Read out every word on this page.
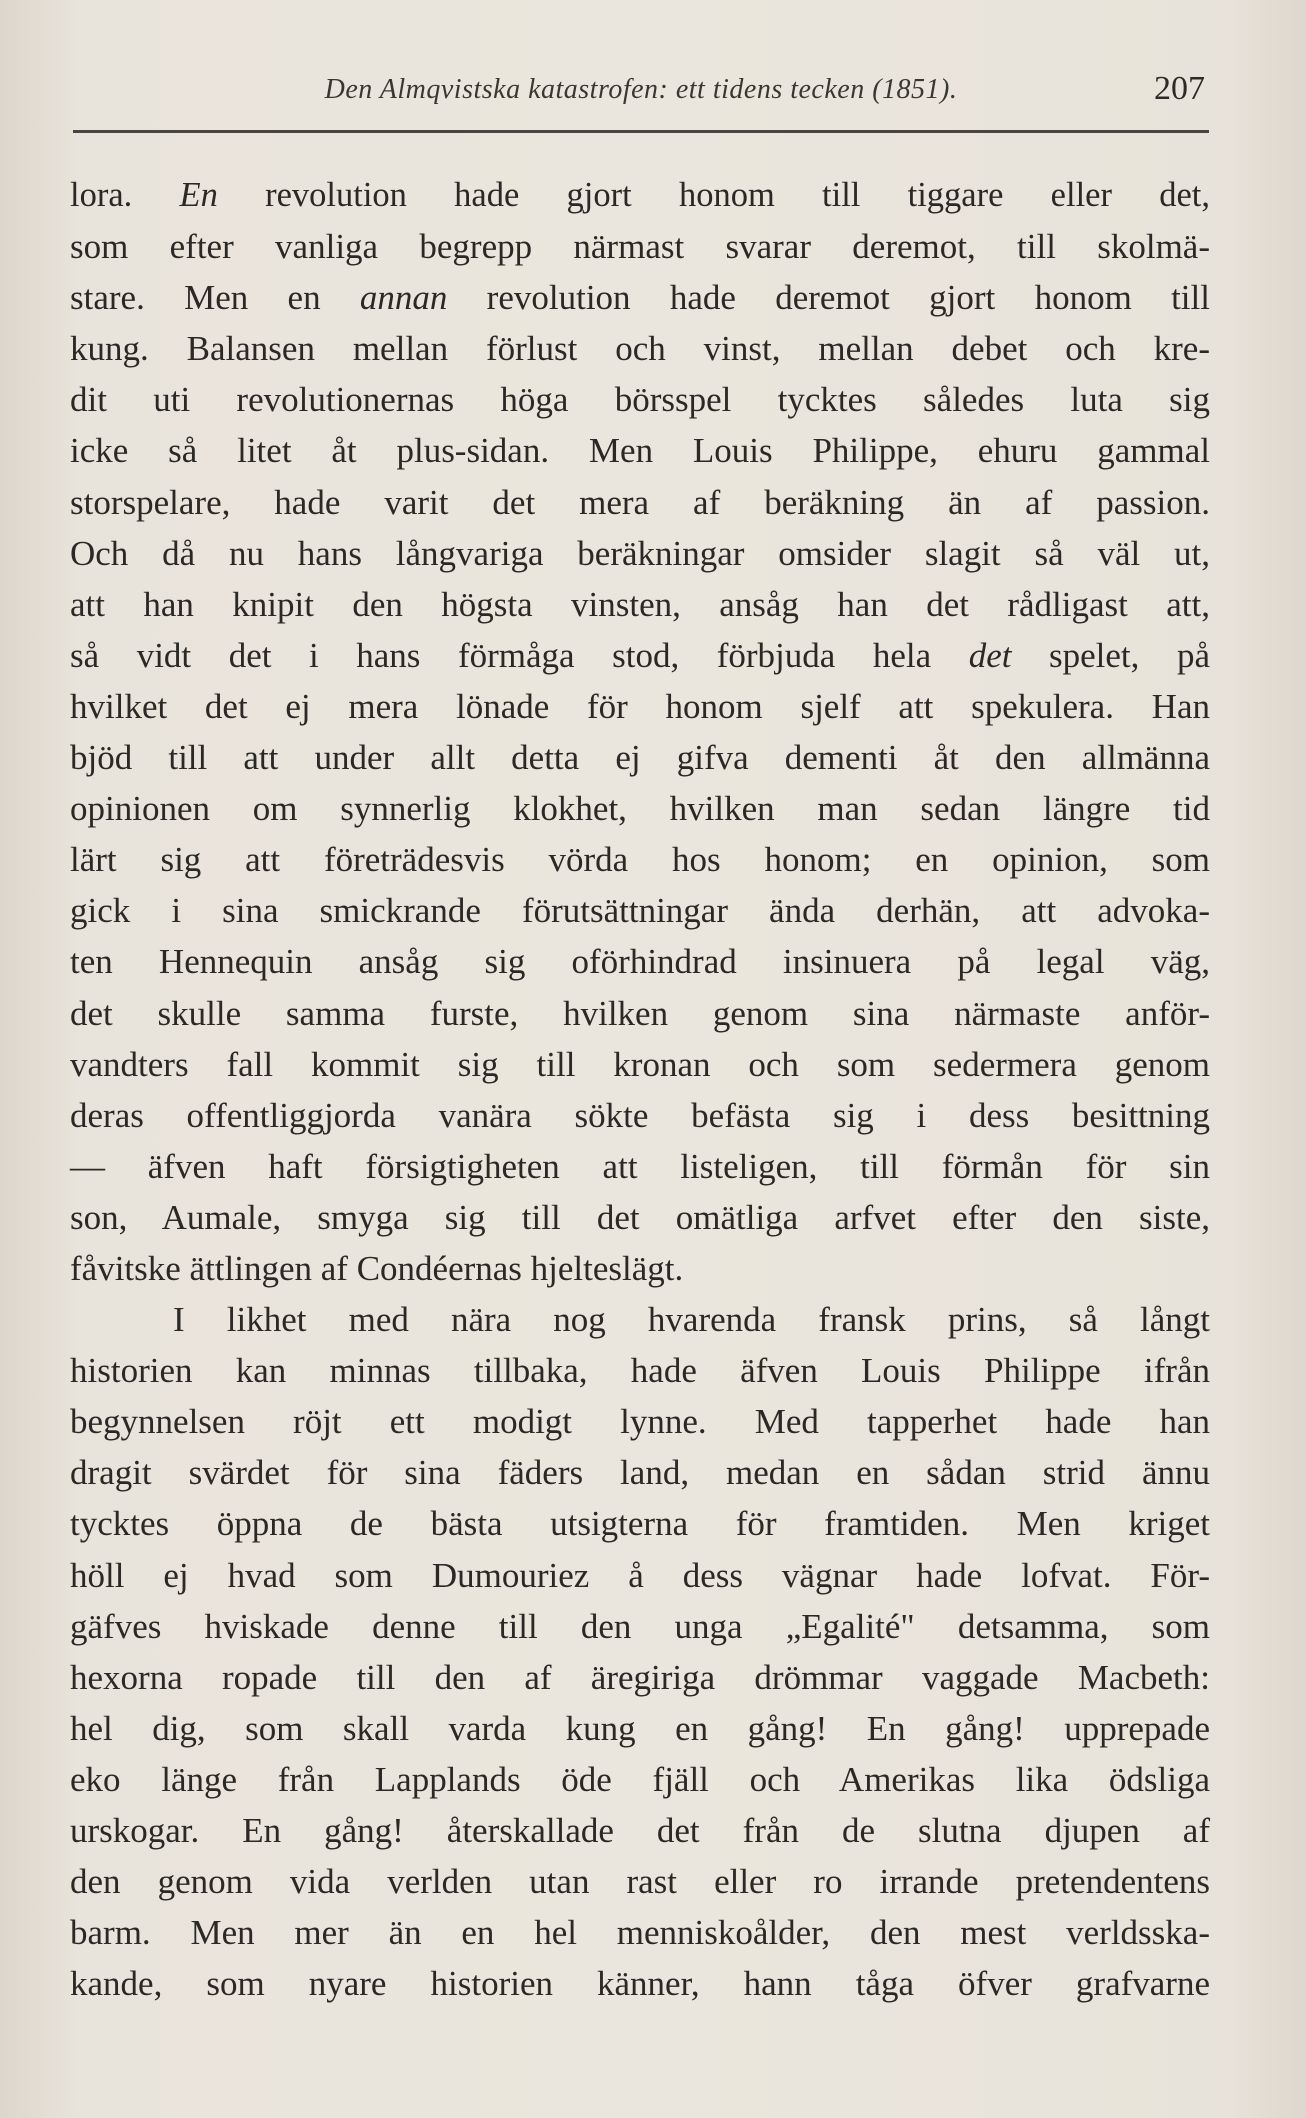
Den Almqvistska katastrofen: ett tidens tecken (1851).	207
lora. En revolution hade gjort honom till tiggare eller det,
som efter vanliga begrepp närmast svarar deremot, till skolmä-
stare. Men en annan revolution hade deremot gjort honom till
kung. Balansen mellan förlust och vinst, mellan debet och kre-
dit uti revolutionernas höga börsspel tycktes således luta sig
icke så litet åt plus-sidan. Men Louis Philippe, ehuru gammal
storspelare, hade varit det mera af beräkning än af passion.
Och då nu hans långvariga beräkningar omsider slagit så väl ut,
att han knipit den högsta vinsten, ansåg han det rådligast att,
så vidt det i hans förmåga stod, förbjuda hela det spelet, på
hvilket det ej mera lönade för honom sjelf att spekulera. Han
bjöd till att under allt detta ej gifva dementi åt den allmänna
opinionen om synnerlig klokhet, hvilken man sedan längre tid
lärt sig att företrädesvis vörda hos honom; en opinion, som
gick i sina smickrande förutsättningar ända derhän, att advoka-
ten Hennequin ansåg sig oförhindrad insinuera på legal väg,
det skulle samma furste, hvilken genom sina närmaste anför-
vandters fall kommit sig till kronan och som sedermera genom
deras offentliggjorda vanära sökte befästa sig i dess besittning
— äfven haft försigtigheten att listeligen, till förmån för sin
son, Aumale, smyga sig till det omätliga arfvet efter den siste,
fåvitske ättlingen af Condéernas hjelteslägt.
I likhet med nära nog hvarenda fransk prins, så långt
historien kan minnas tillbaka, hade äfven Louis Philippe ifrån
begynnelsen röjt ett modigt lynne. Med tapperhet hade han
dragit svärdet för sina fäders land, medan en sådan strid ännu
tycktes öppna de bästa utsigterna för framtiden. Men kriget
höll ej hvad som Dumouriez å dess vägnar hade lofvat. För-
gäfves hviskade denne till den unga „Egalité" detsamma, som
hexorna ropade till den af äregiriga drömmar vaggade Macbeth:
hel dig, som skall varda kung en gång! En gång! upprepade
eko länge från Lapplands öde fjäll och Amerikas lika ödsliga
urskogar. En gång! återskallade det från de slutna djupen af
den genom vida verlden utan rast eller ro irrande pretendentens
barm. Men mer än en hel menniskoålder, den mest verldsska-
kande, som nyare historien känner, hann tåga öfver grafvarne
